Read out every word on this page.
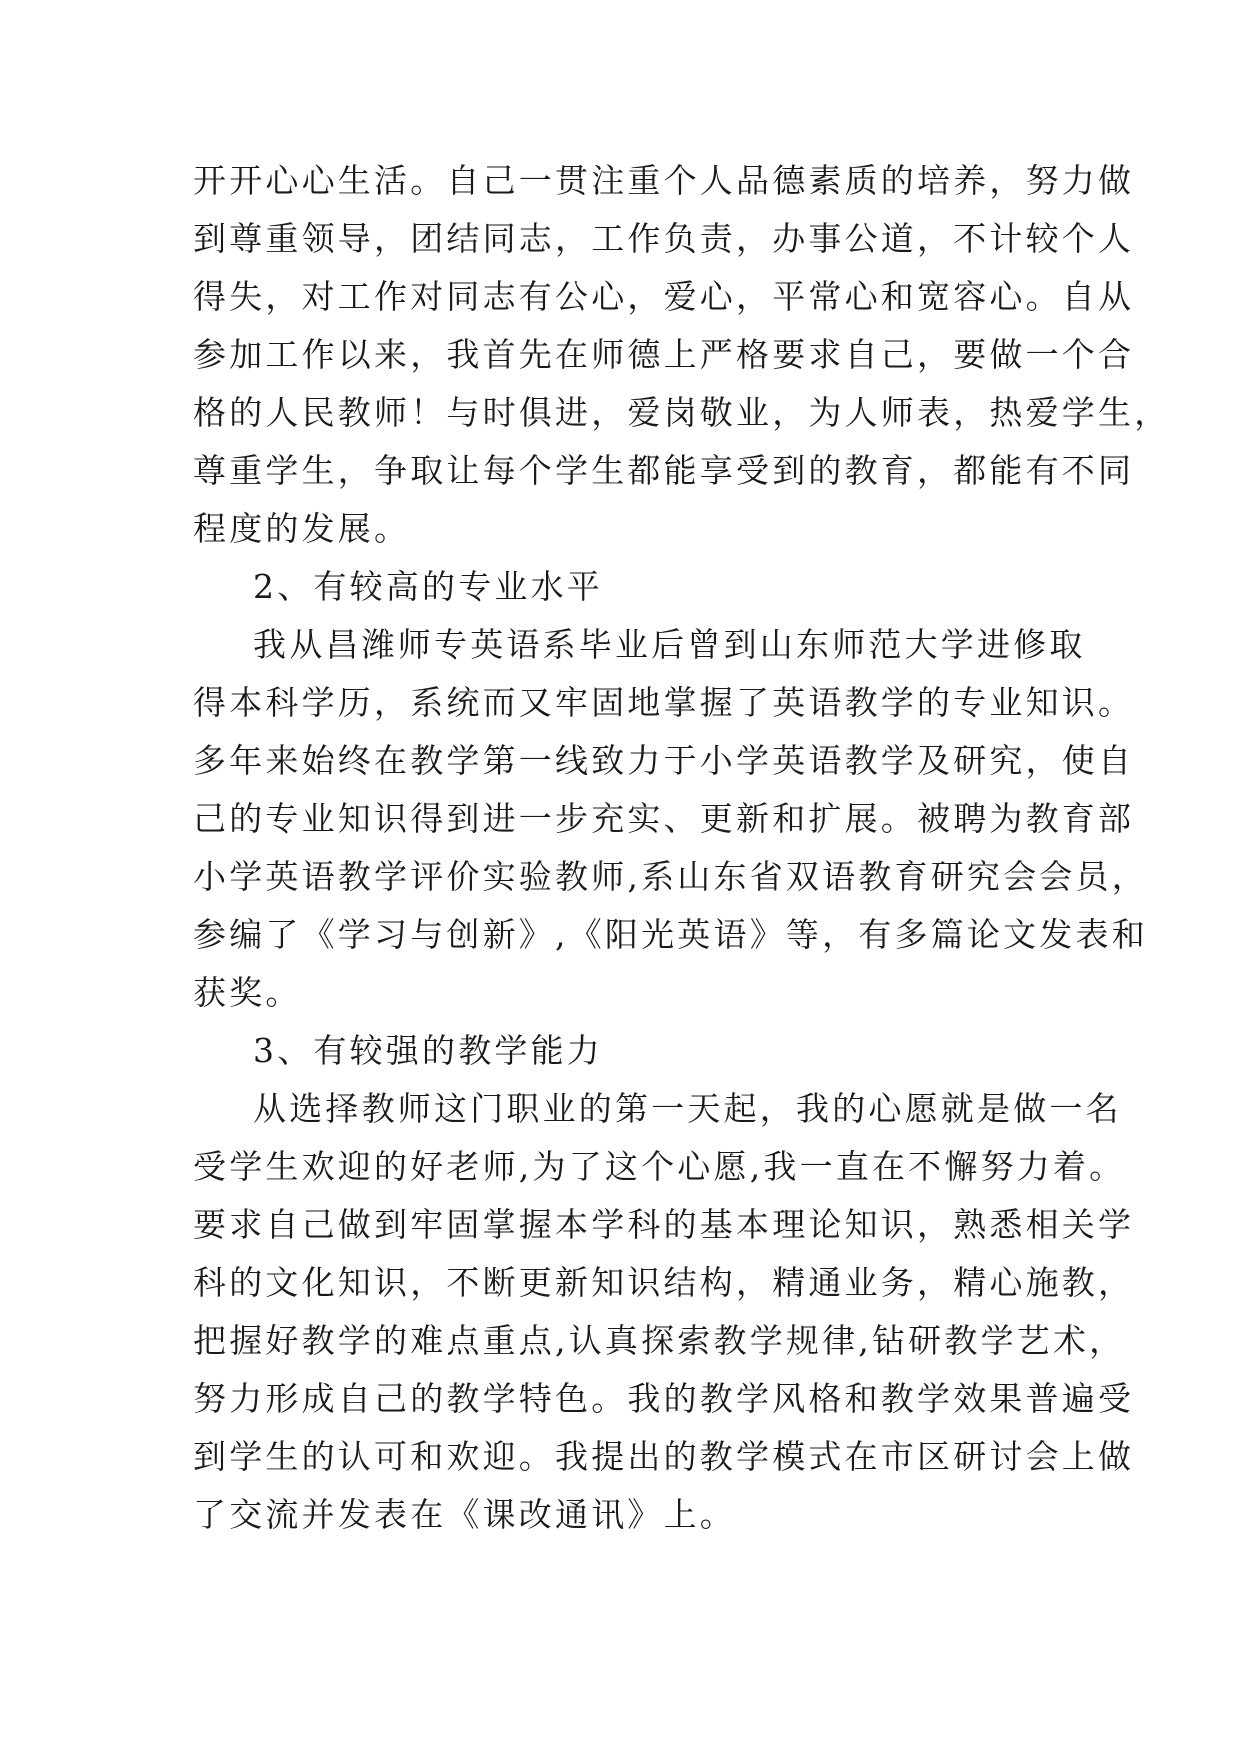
开开心心生活。自己一贯注重个人品德素质的培养，努力做
到尊重领导，团结同志，工作负责，办事公道，不计较个人
得失，对工作对同志有公心，爱心，平常心和宽容心。自从
参加工作以来，我首先在师德上严格要求自己，要做一个合
格的人民教师！与时俱进，爱岗敬业，为人师表，热爱学生，
尊重学生，争取让每个学生都能享受到的教育，都能有不同
程度的发展。
2、有较高的专业水平
我从昌潍师专英语系毕业后曾到山东师范大学进修取
得本科学历，系统而又牢固地掌握了英语教学的专业知识。
多年来始终在教学第一线致力于小学英语教学及研究，使自
己的专业知识得到进一步充实、更新和扩展。被聘为教育部
小学英语教学评价实验教师,系山东省双语教育研究会会员，
参编了《学习与创新》,《阳光英语》等，有多篇论文发表和
获奖。
3、有较强的教学能力
从选择教师这门职业的第一天起，我的心愿就是做一名
受学生欢迎的好老师,为了这个心愿,我一直在不懈努力着。
要求自己做到牢固掌握本学科的基本理论知识，熟悉相关学
科的文化知识，不断更新知识结构，精通业务，精心施教，
把握好教学的难点重点,认真探索教学规律,钻研教学艺术，
努力形成自己的教学特色。我的教学风格和教学效果普遍受
到学生的认可和欢迎。我提出的教学模式在市区研讨会上做
了交流并发表在《课改通讯》上。
